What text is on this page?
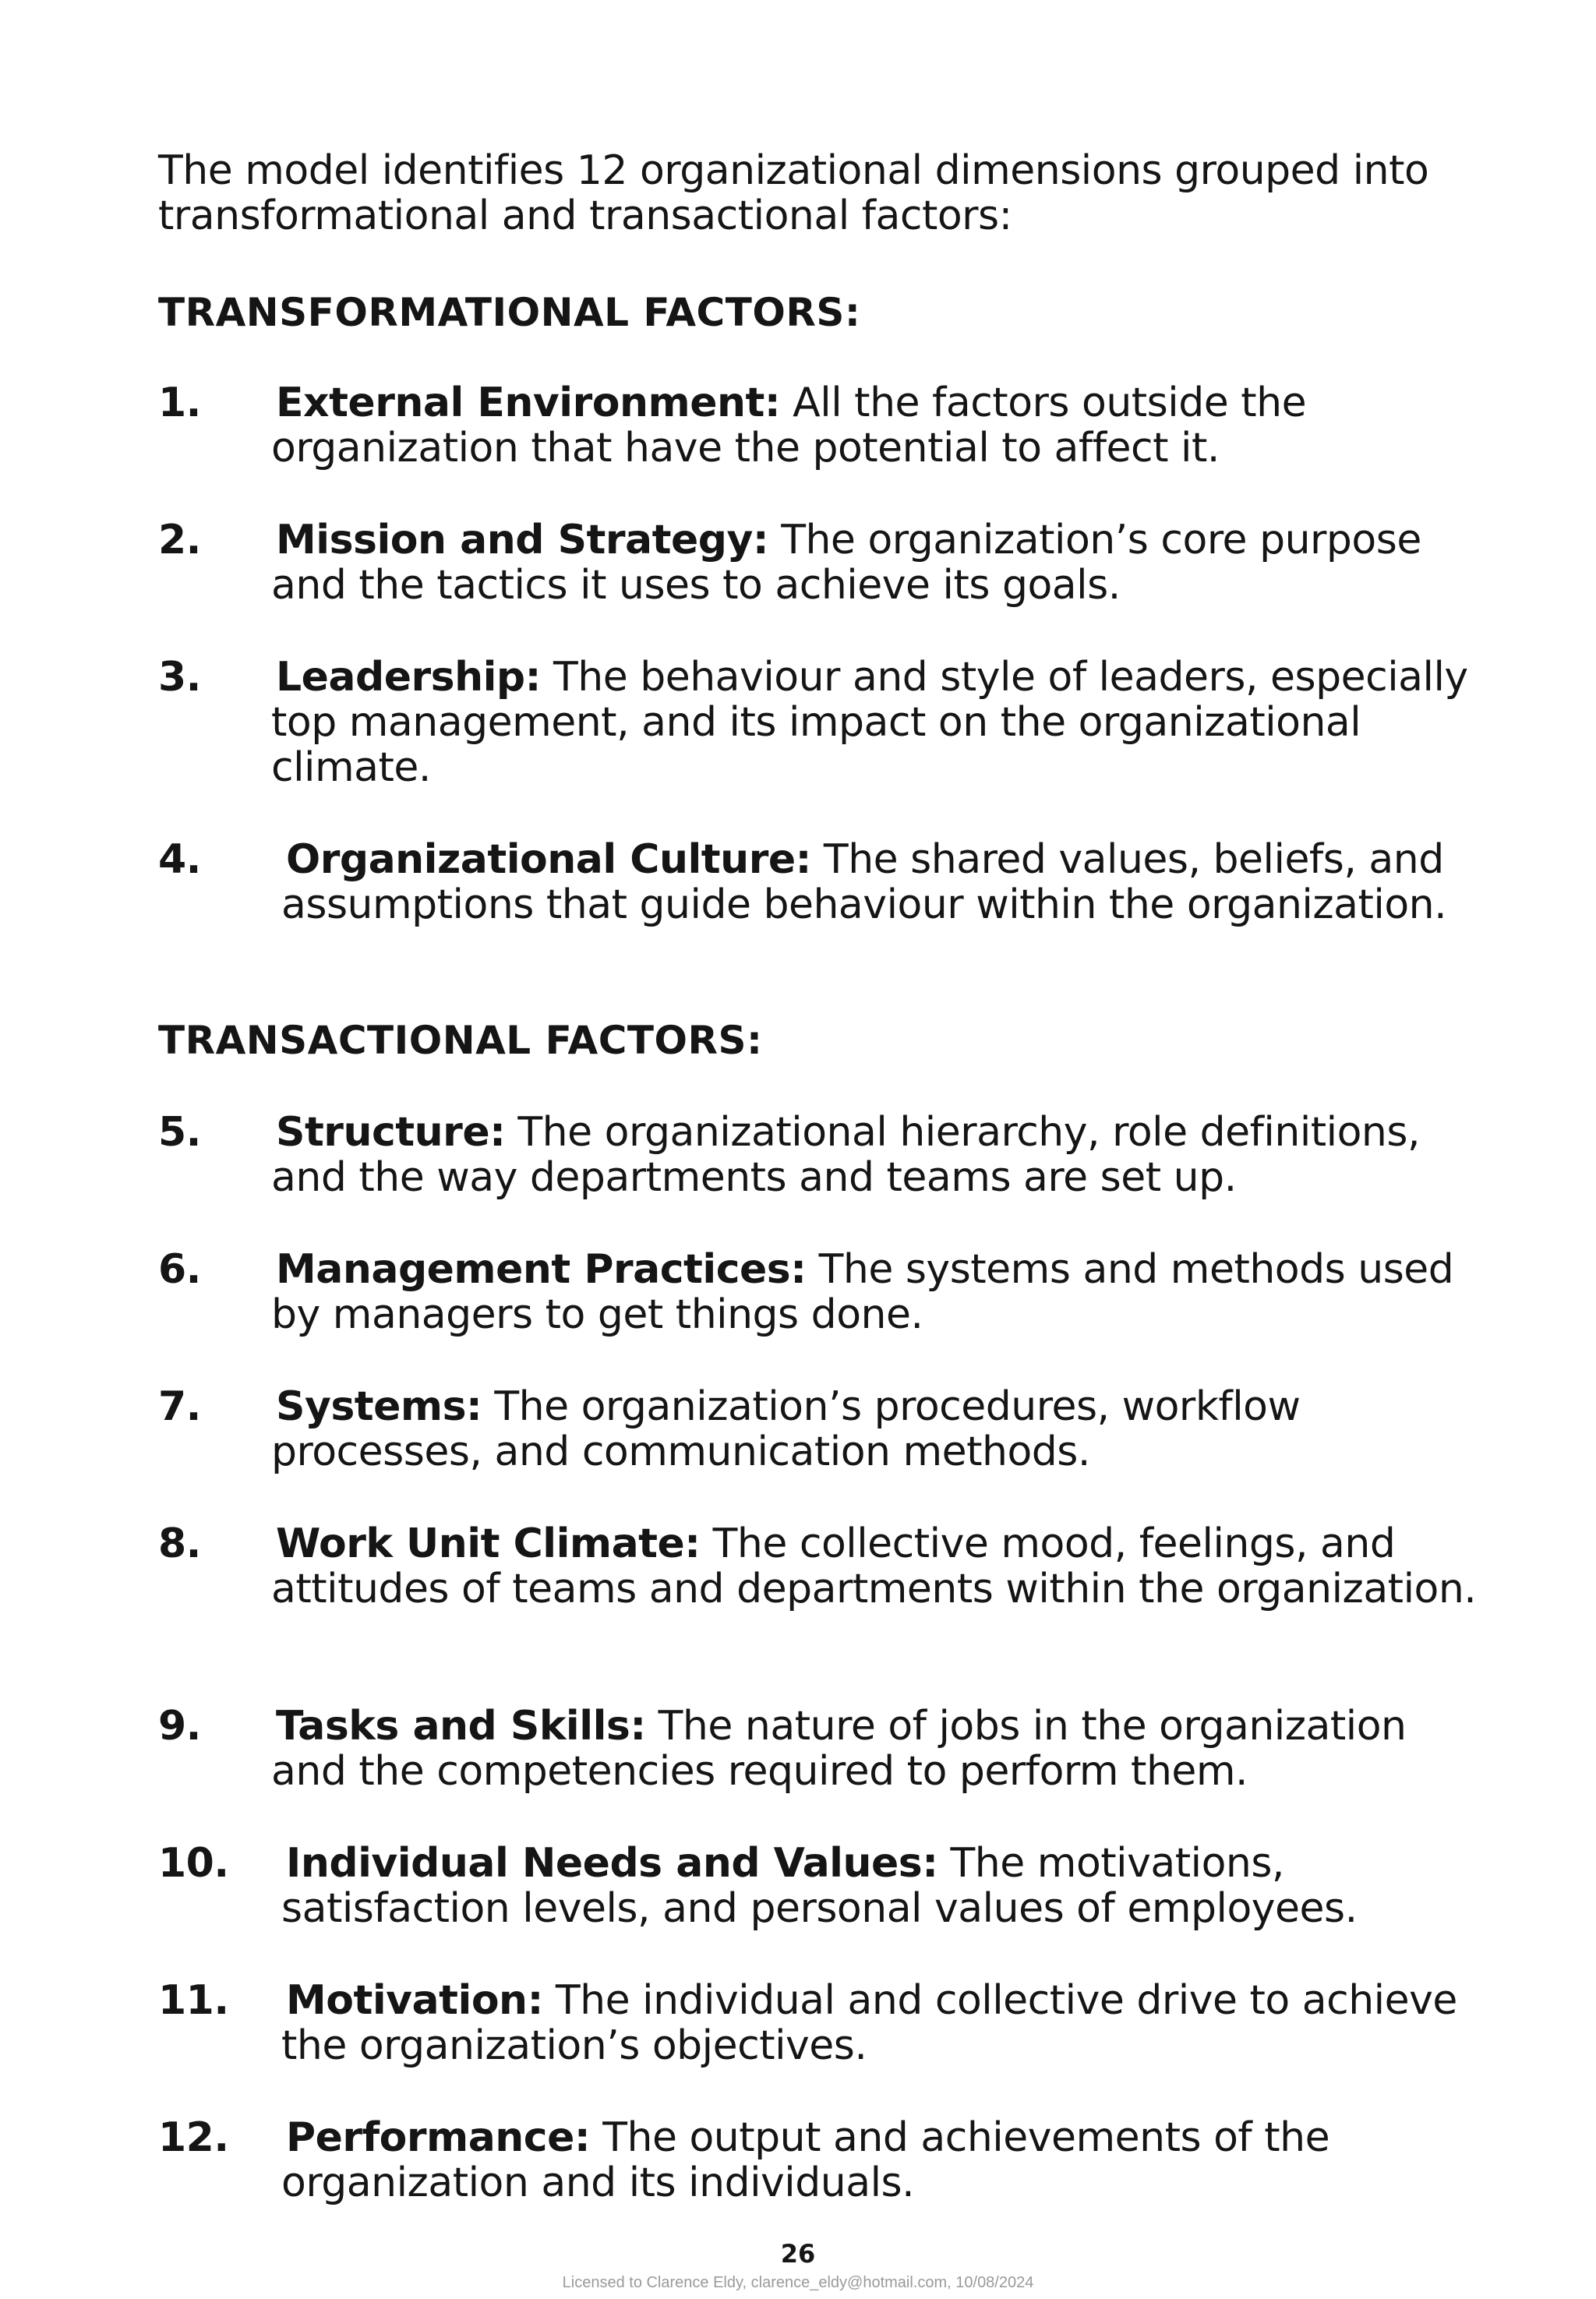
The model identifies 12 organizational dimensions grouped into transformational and transactional factors:

TRANSFORMATIONAL FACTORS:

1. External Environment: All the factors outside the organization that have the potential to affect it.

2. Mission and Strategy: The organization’s core purpose and the tactics it uses to achieve its goals.

3. Leadership: The behaviour and style of leaders, especially top management, and its impact on the organizational climate.

4. Organizational Culture: The shared values, beliefs, and assumptions that guide behaviour within the organization.

TRANSACTIONAL FACTORS:

5. Structure: The organizational hierarchy, role definitions, and the way departments and teams are set up.

6. Management Practices: The systems and methods used by managers to get things done.

7. Systems: The organization’s procedures, workflow processes, and communication methods.

8. Work Unit Climate: The collective mood, feelings, and attitudes of teams and departments within the organization.

9. Tasks and Skills: The nature of jobs in the organization and the competencies required to perform them.

10. Individual Needs and Values: The motivations, satisfaction levels, and personal values of employees.

11. Motivation: The individual and collective drive to achieve the organization’s objectives.

12. Performance: The output and achievements of the organization and its individuals.

26

Licensed to Clarence Eldy, clarence_eldy@hotmail.com, 10/08/2024
